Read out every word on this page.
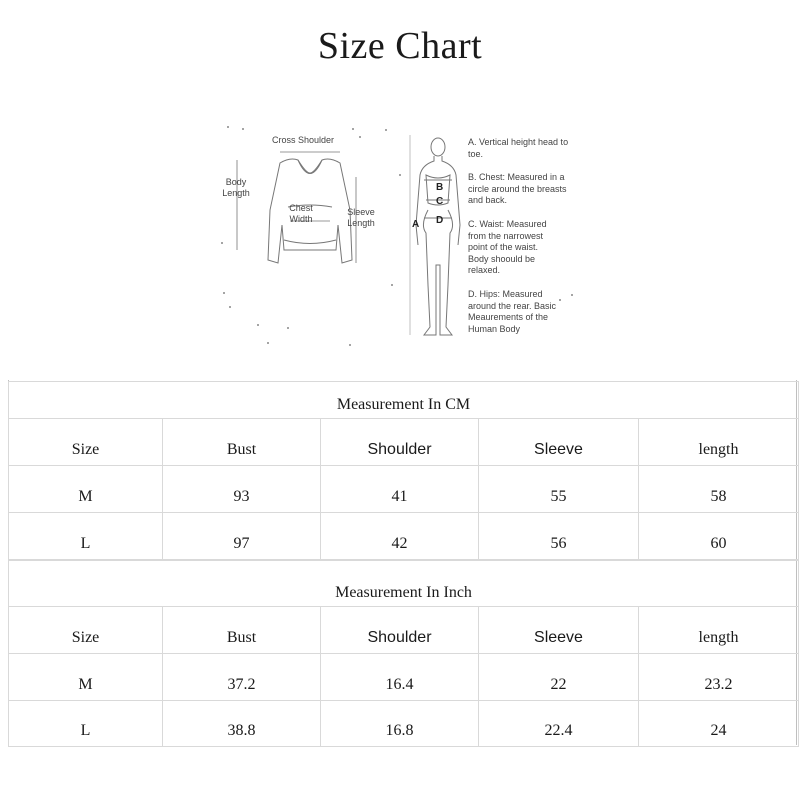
Size Chart
Cross Shoulder
Body Length
Chest Width
Sleeve Length	A
B
C
D
A. Vertical height head to toe.
B. Chest: Measured in a circle around the breasts and back.
C. Waist: Measured from the narrowest point of the waist. Body shoould be relaxed.
D. Hips: Measured around the rear. Basic Meaurements of the Human Body
Measurement In CM				
Size	Bust	Shoulder	Sleeve	length
M	93	41	55	58
L	97	42	56	60
Measurement In Inch				
Size	Bust	Shoulder	Sleeve	length
M	37.2	16.4	22	23.2
L	38.8	16.8	22.4	24
